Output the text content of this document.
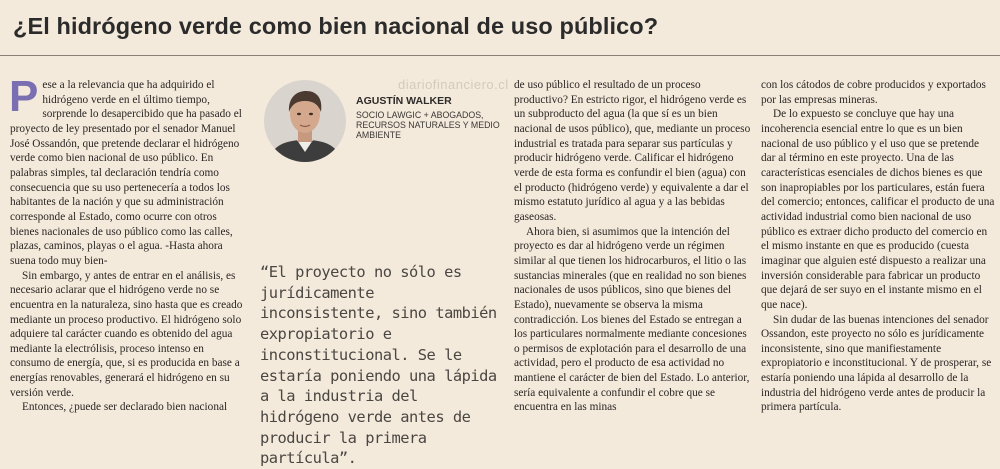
¿El hidrógeno verde como bien nacional de uso público?
diariofinanciero.cl

Pese a la relevancia que ha adquirido el hidrógeno verde en el último tiempo, sorprende lo desapercibido que ha pasado el proyecto de ley presentado por el senador Manuel José Ossandón, que pretende declarar el hidrógeno verde como bien nacional de uso público. En palabras simples, tal declaración tendría como consecuencia que su uso pertenecería a todos los habitantes de la nación y que su administración corresponde al Estado, como ocurre con otros bienes nacionales de uso público como las calles, plazas, caminos, playas o el agua. -Hasta ahora suena todo muy bien-

Sin embargo, y antes de entrar en el análisis, es necesario aclarar que el hidrógeno verde no se encuentra en la naturaleza, sino hasta que es creado mediante un proceso productivo. El hidrógeno solo adquiere tal carácter cuando es obtenido del agua mediante la electrólisis, proceso intenso en consumo de energía, que, si es producida en base a energías renovables, generará el hidrógeno en su versión verde.

Entonces, ¿puede ser declarado bien nacional

AGUSTÍN WALKER
SOCIO LAWGIC + ABOGADOS, RECURSOS NATURALES Y MEDIO AMBIENTE
“El proyecto no sólo es jurídicamente inconsistente, sino también expropiatorio e inconstitucional. Se le estaría poniendo una lápida a la industria del hidrógeno verde antes de producir la primera partícula”.

de uso público el resultado de un proceso productivo? En estricto rigor, el hidrógeno verde es un subproducto del agua (la que sí es un bien nacional de usos público), que, mediante un proceso industrial es tratada para separar sus partículas y producir hidrógeno verde. Calificar el hidrógeno verde de esta forma es confundir el bien (agua) con el producto (hidrógeno verde) y equivalente a dar el mismo estatuto jurídico al agua y a las bebidas gaseosas.

Ahora bien, si asumimos que la intención del proyecto es dar al hidrógeno verde un régimen similar al que tienen los hidrocarburos, el litio o las sustancias minerales (que en realidad no son bienes nacionales de usos públicos, sino que bienes del Estado), nuevamente se observa la misma contradicción. Los bienes del Estado se entregan a los particulares normalmente mediante concesiones o permisos de explotación para el desarrollo de una actividad, pero el producto de esa actividad no mantiene el carácter de bien del Estado. Lo anterior, sería equivalente a confundir el cobre que se encuentra en las minas

con los cátodos de cobre producidos y exportados por las empresas mineras.

De lo expuesto se concluye que hay una incoherencia esencial entre lo que es un bien nacional de uso público y el uso que se pretende dar al término en este proyecto. Una de las características esenciales de dichos bienes es que son inapropiables por los particulares, están fuera del comercio; entonces, calificar el producto de una actividad industrial como bien nacional de uso público es extraer dicho producto del comercio en el mismo instante en que es producido (cuesta imaginar que alguien esté dispuesto a realizar una inversión considerable para fabricar un producto que dejará de ser suyo en el instante mismo en el que nace).

Sin dudar de las buenas intenciones del senador Ossandon, este proyecto no sólo es jurídicamente inconsistente, sino que manifiestamente expropiatorio e inconstitucional. Y de prosperar, se estaría poniendo una lápida al desarrollo de la industria del hidrógeno verde antes de producir la primera partícula.
